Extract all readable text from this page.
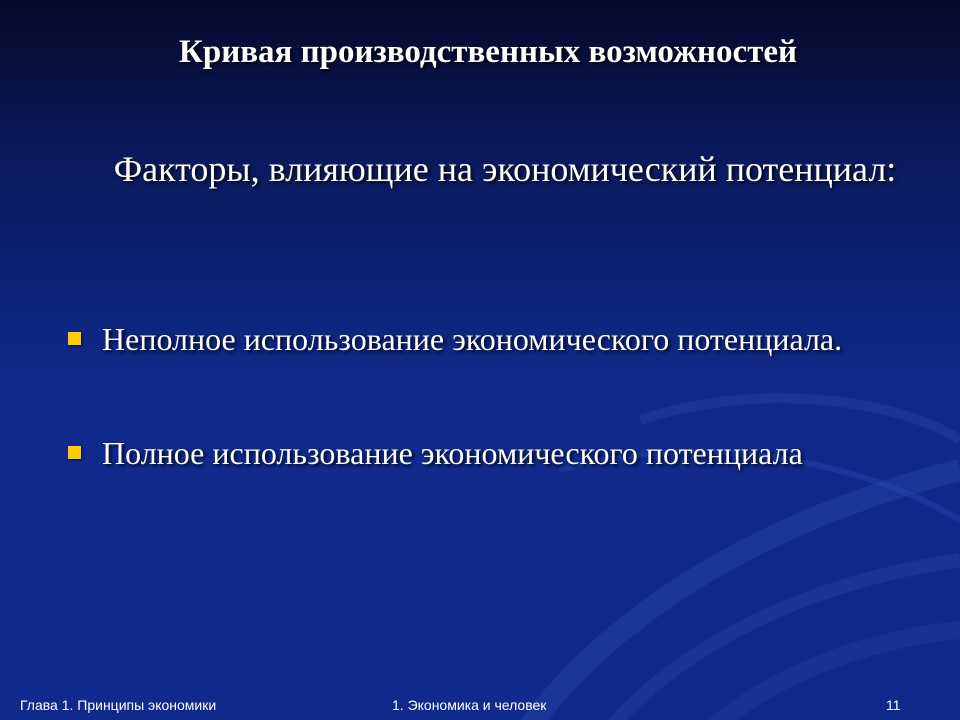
Кривая производственных возможностей
Факторы, влияющие на экономический потенциал:
Неполное использование экономического потенциала.
Полное использование экономического потенциала
Глава 1. Принципы экономики	1. Экономика и человек	11
